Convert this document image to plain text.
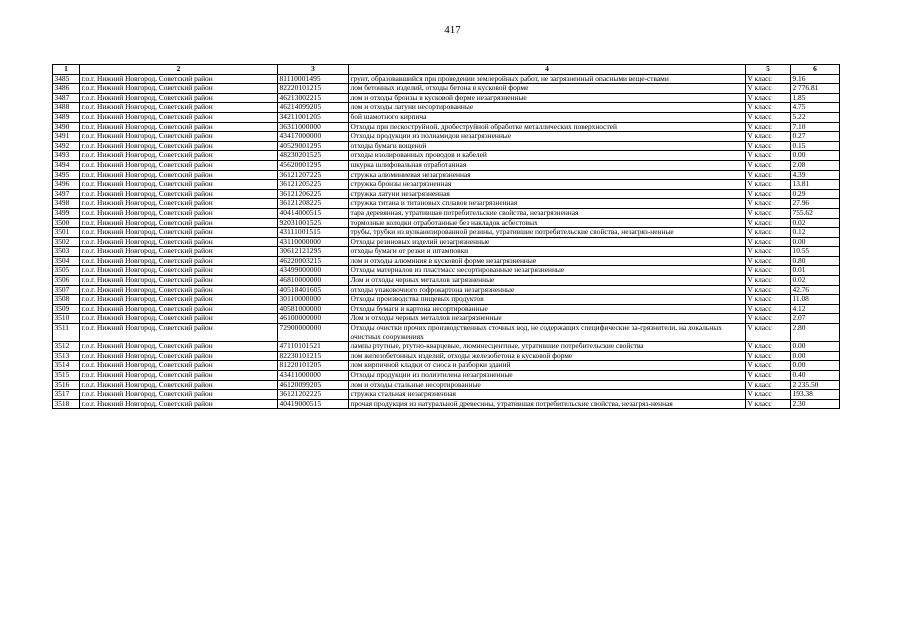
417
1	2	3	4	5	6
3485	г.о.г. Нижний Новгород, Советский район	81110001495	грунт, образовавшийся при проведении землеройных работ, не загрязненный опасными веще-ствами	V класс	9.16
3486	г.о.г. Нижний Новгород, Советский район	82220101215	лом бетонных изделий, отходы бетона в кусковой форме	V класс	2 776.81
3487	г.о.г. Нижний Новгород, Советский район	46213002215	лом и отходы бронзы в кусковой форме незагрязненные	V класс	1.85
3488	г.о.г. Нижний Новгород, Советский район	46214099205	лом и отходы латуни несортированные	V класс	4.75
3489	г.о.г. Нижний Новгород, Советский район	34211001205	бой шамотного кирпича	V класс	5.22
3490	г.о.г. Нижний Новгород, Советский район	36311000000	Отходы при пескоструйной, дробеструйной обработке металлических поверхностей	V класс	7.10
3491	г.о.г. Нижний Новгород, Советский район	43417000000	Отходы продукции из полиамидов незагрязненные	V класс	0.27
3492	г.о.г. Нижний Новгород, Советский район	40529001295	отходы бумаги вощеной	V класс	0.15
3493	г.о.г. Нижний Новгород, Советский район	48230201525	отходы изолированных проводов и кабелей	V класс	0.00
3494	г.о.г. Нижний Новгород, Советский район	45620001295	шкурка шлифовальная отработанная	V класс	2.08
3495	г.о.г. Нижний Новгород, Советский район	36121207225	стружка алюминиевая незагрязненная	V класс	4.39
3496	г.о.г. Нижний Новгород, Советский район	36121205225	стружка бронзы незагрязненная	V класс	13.81
3497	г.о.г. Нижний Новгород, Советский район	36121206225	стружка латуни незагрязненная	V класс	0.29
3498	г.о.г. Нижний Новгород, Советский район	36121208225	стружка титана и титановых сплавов незагрязненная	V класс	27.96
3499	г.о.г. Нижний Новгород, Советский район	40414000515	тара деревянная, утратившая потребительские свойства, незагрязненная	V класс	755.62
3500	г.о.г. Нижний Новгород, Советский район	92031001525	тормозные колодки отработанные без накладок асбестовых	V класс	0.02
3501	г.о.г. Нижний Новгород, Советский район	43111001515	трубы, трубки из вулканизированной резины, утратившие потребительские свойства, незагряз-ненные	V класс	0.12
3502	г.о.г. Нижний Новгород, Советский район	43110000000	Отходы резиновых изделий незагрязненные	V класс	0.00
3503	г.о.г. Нижний Новгород, Советский район	30612121295	отходы бумаги от резки и штамповки	V класс	10.55
3504	г.о.г. Нижний Новгород, Советский район	46220003215	лом и отходы алюминия в кусковой форме незагрязненные	V класс	0.80
3505	г.о.г. Нижний Новгород, Советский район	43499000000	Отходы материалов из пластмасс несортированные незагрязненные	V класс	0.01
3506	г.о.г. Нижний Новгород, Советский район	46810000000	Лом и отходы черных металлов загрязненные	V класс	0.02
3507	г.о.г. Нижний Новгород, Советский район	40518401605	отходы упаковочного гофрокартона незагрязненные	V класс	42.76
3508	г.о.г. Нижний Новгород, Советский район	30110000000	Отходы производства пищевых продуктов	V класс	11.08
3509	г.о.г. Нижний Новгород, Советский район	40581000000	Отходы бумаги и картона несортированные	V класс	4.12
3510	г.о.г. Нижний Новгород, Советский район	46100000000	Лом и отходы черных металлов незагрязненные	V класс	2.07
3511	г.о.г. Нижний Новгород, Советский район	72900000000	Отходы очистки прочих производственных сточных вод, не содержащих специфические за-грязнители, на локальных очистных сооружениях	V класс	2.80
3512	г.о.г. Нижний Новгород, Советский район	47110101521	лампы ртутные, ртутно-кварцевые, люминесцентные, утратившие потребительские свойства	V класс	0.00
3513	г.о.г. Нижний Новгород, Советский район	82230101215	лом железобетонных изделий, отходы железобетона в кусковой форме	V класс	0.00
3514	г.о.г. Нижний Новгород, Советский район	81220101205	лом кирпичной кладки от сноса и разборки зданий	V класс	0.00
3515	г.о.г. Нижний Новгород, Советский район	43411000000	Отходы продукции из полиэтилена незагрязненные	V класс	0.40
3516	г.о.г. Нижний Новгород, Советский район	46120099205	лом и отходы стальные несортированные	V класс	2 235.50
3517	г.о.г. Нижний Новгород, Советский район	36121202225	стружка стальная незагрязненная	V класс	193.38
3518	г.о.г. Нижний Новгород, Советский район	40419000515	прочая продукция из натуральной древесины, утратившая потребительские свойства, незагряз-ненная	V класс	2.30
